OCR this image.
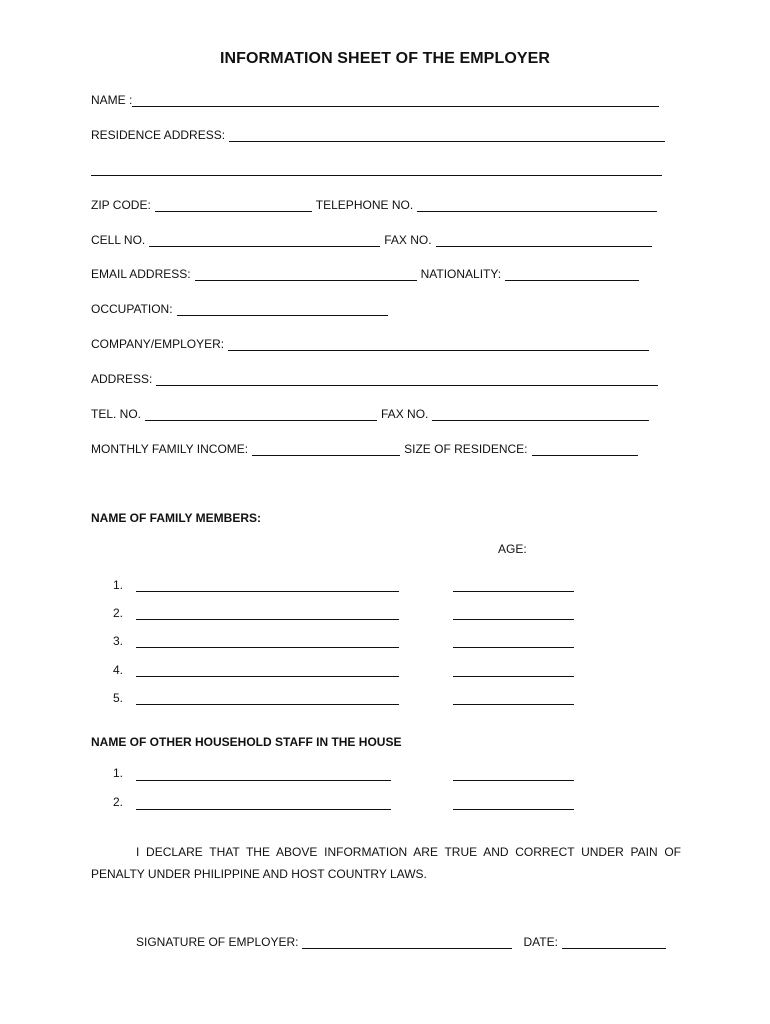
INFORMATION SHEET OF THE EMPLOYER
NAME :
RESIDENCE ADDRESS:
ZIP CODE:	TELEPHONE NO.
CELL NO.	FAX NO.
EMAIL ADDRESS:	NATIONALITY:
OCCUPATION:
COMPANY/EMPLOYER:
ADDRESS:
TEL. NO.	FAX NO.
MONTHLY FAMILY INCOME:	SIZE OF RESIDENCE:
NAME OF FAMILY MEMBERS:
AGE:
1.
2.
3.
4.
5.
NAME OF OTHER HOUSEHOLD STAFF IN THE HOUSE
1.
2.
I DECLARE THAT THE ABOVE INFORMATION ARE TRUE AND CORRECT UNDER PAIN OF PENALTY UNDER PHILIPPINE AND HOST COUNTRY LAWS.
SIGNATURE OF EMPLOYER:	DATE:
